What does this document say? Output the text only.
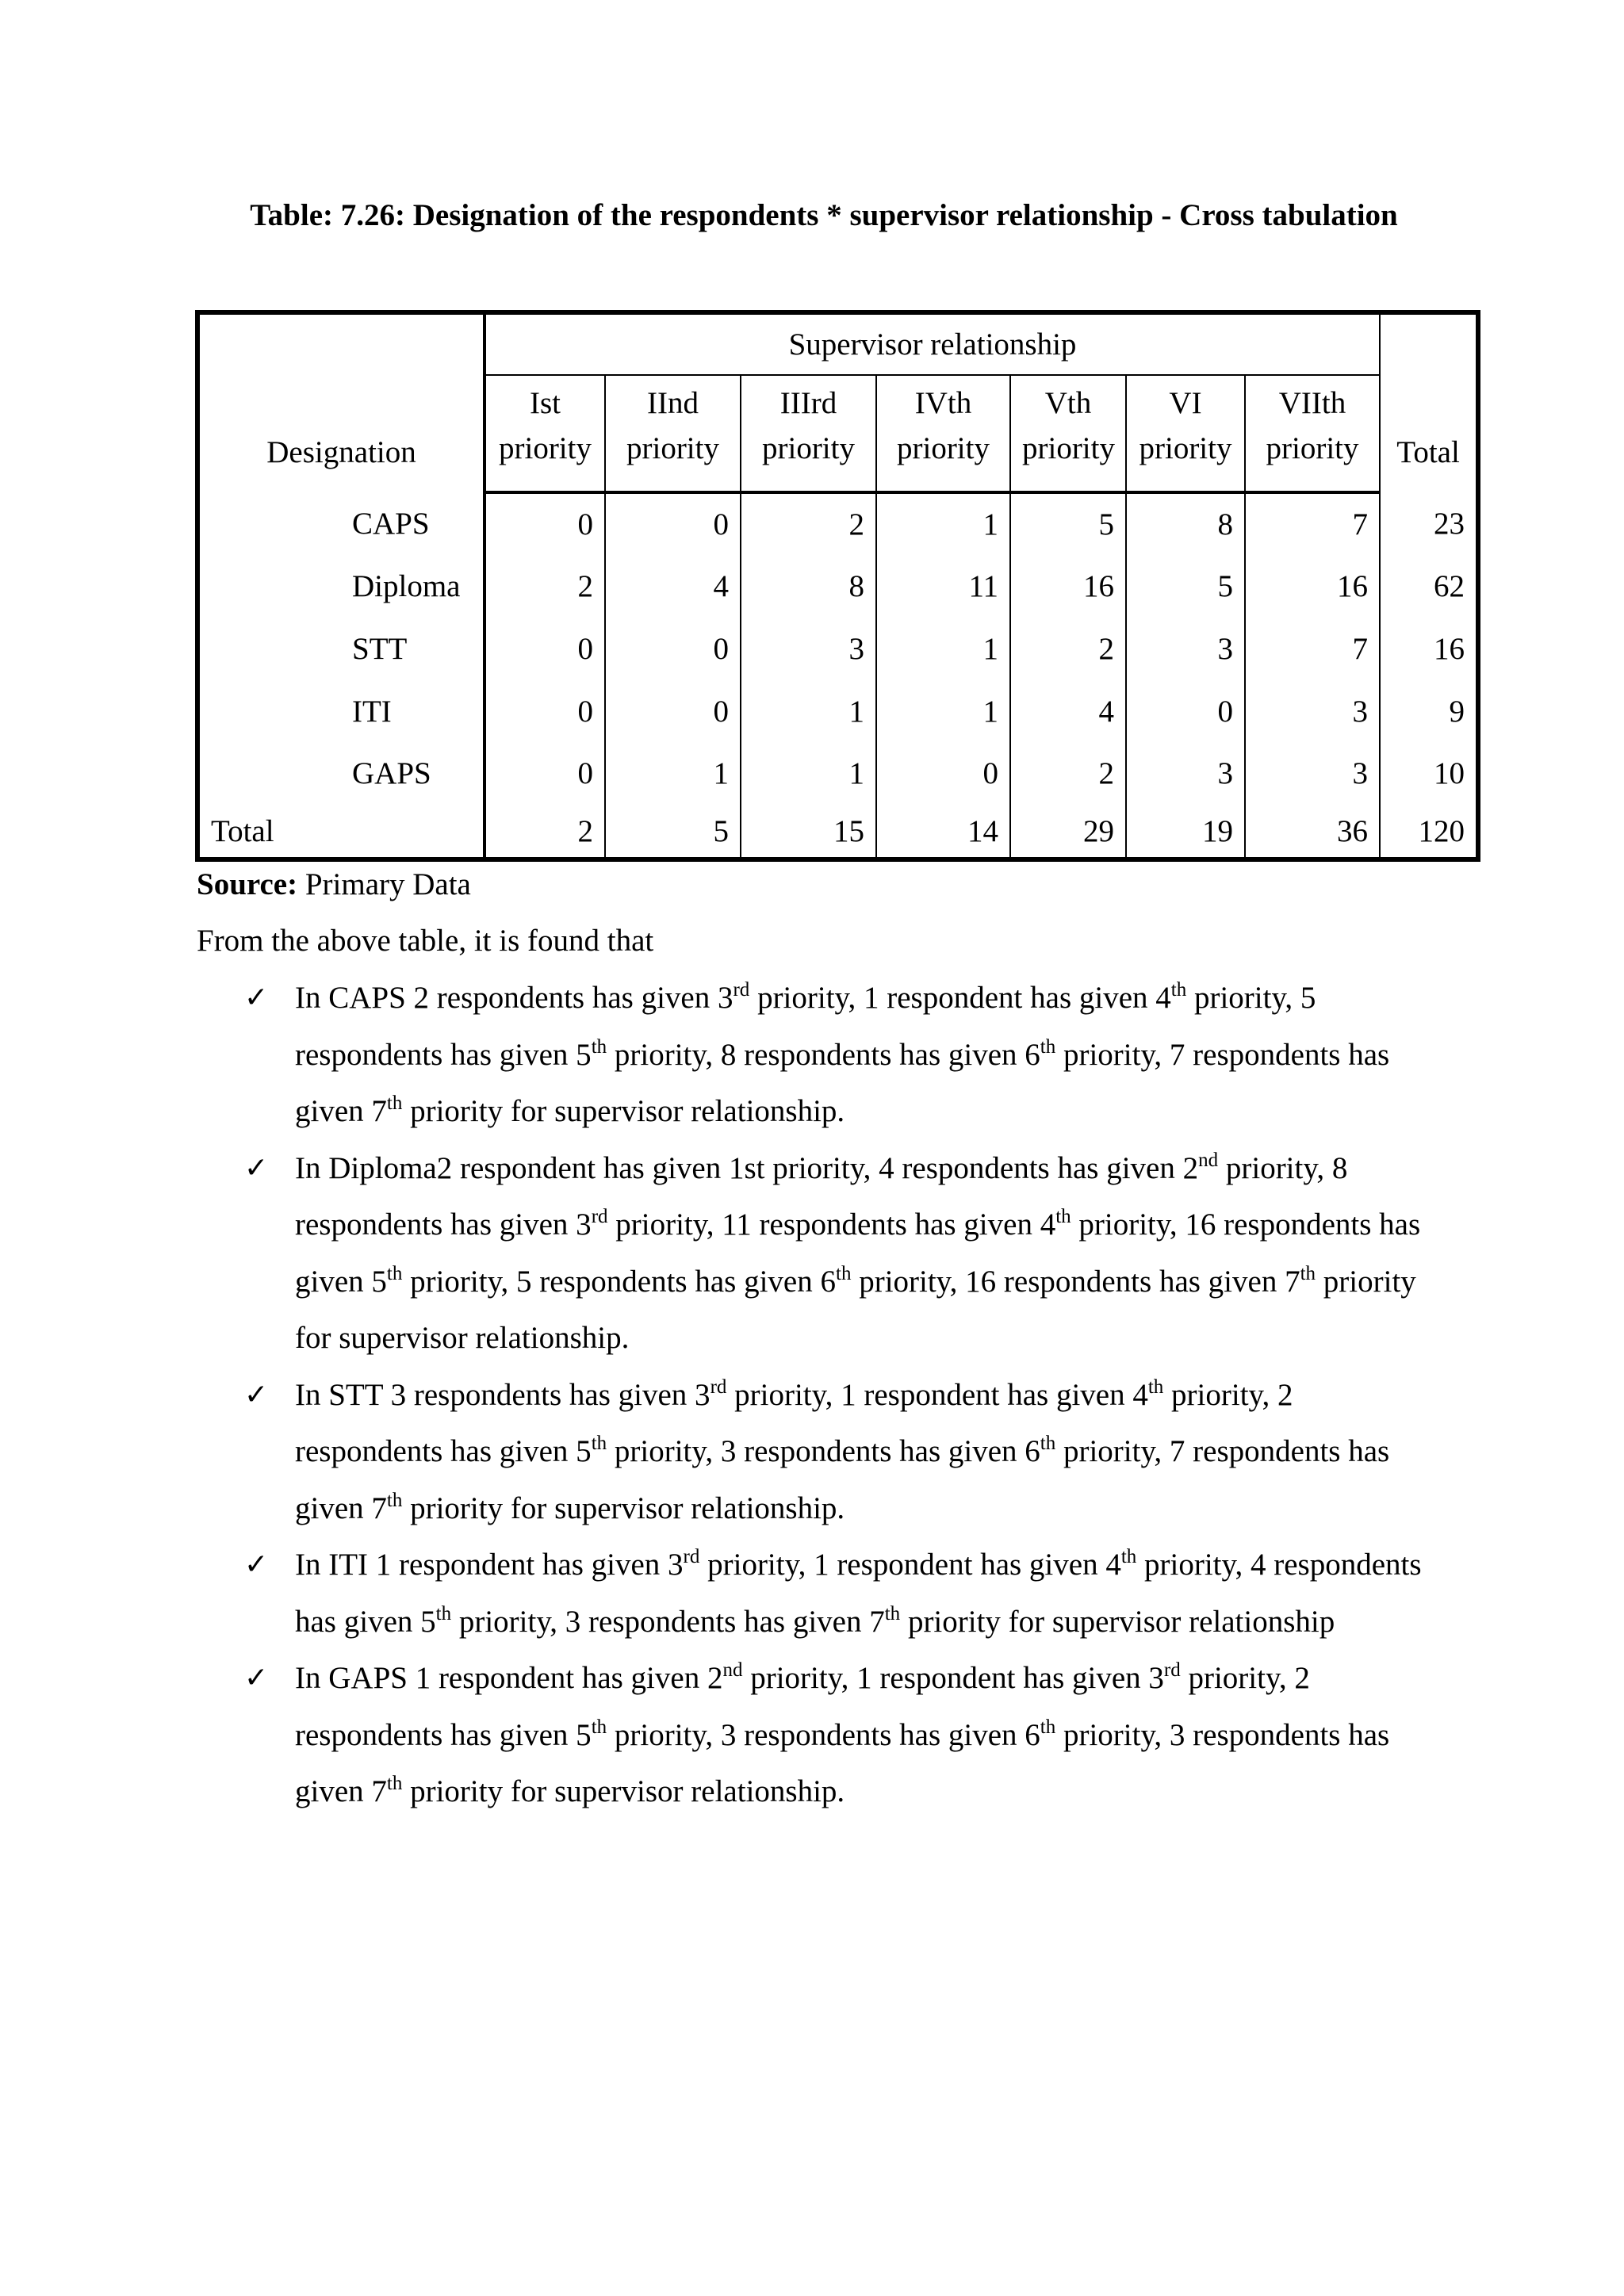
Table: 7.26: Designation of the respondents * supervisor relationship - Cross tabulation
Designation	Supervisor relationship							Total
	Ist	IInd	IIIrd	IVth	Vth	VI	VIIth	
	priority	priority	priority	priority	priority	priority	priority	
CAPS	0	0	2	1	5	8	7	23
Diploma	2	4	8	11	16	5	16	62
STT	0	0	3	1	2	3	7	16
ITI	0	0	1	1	4	0	3	9
GAPS	0	1	1	0	2	3	3	10
Total	2	5	15	14	29	19	36	120
Source: Primary Data
From the above table, it is found that
✓ In CAPS 2 respondents has given 3rd priority, 1 respondent has given 4th priority, 5 respondents has given 5th priority, 8 respondents has given 6th priority, 7 respondents has given 7th priority for supervisor relationship.
✓ In Diploma2 respondent has given 1st priority, 4 respondents has given 2nd priority, 8 respondents has given 3rd priority, 11 respondents has given 4th priority, 16 respondents has given 5th priority, 5 respondents has given 6th priority, 16 respondents has given 7th priority for supervisor relationship.
✓ In STT 3 respondents has given 3rd priority, 1 respondent has given 4th priority, 2 respondents has given 5th priority, 3 respondents has given 6th priority, 7 respondents has given 7th priority for supervisor relationship.
✓ In ITI 1 respondent has given 3rd priority, 1 respondent has given 4th priority, 4 respondents has given 5th priority, 3 respondents has given 7th priority for supervisor relationship
✓ In GAPS 1 respondent has given 2nd priority, 1 respondent has given 3rd priority, 2 respondents has given 5th priority, 3 respondents has given 6th priority, 3 respondents has given 7th priority for supervisor relationship.
